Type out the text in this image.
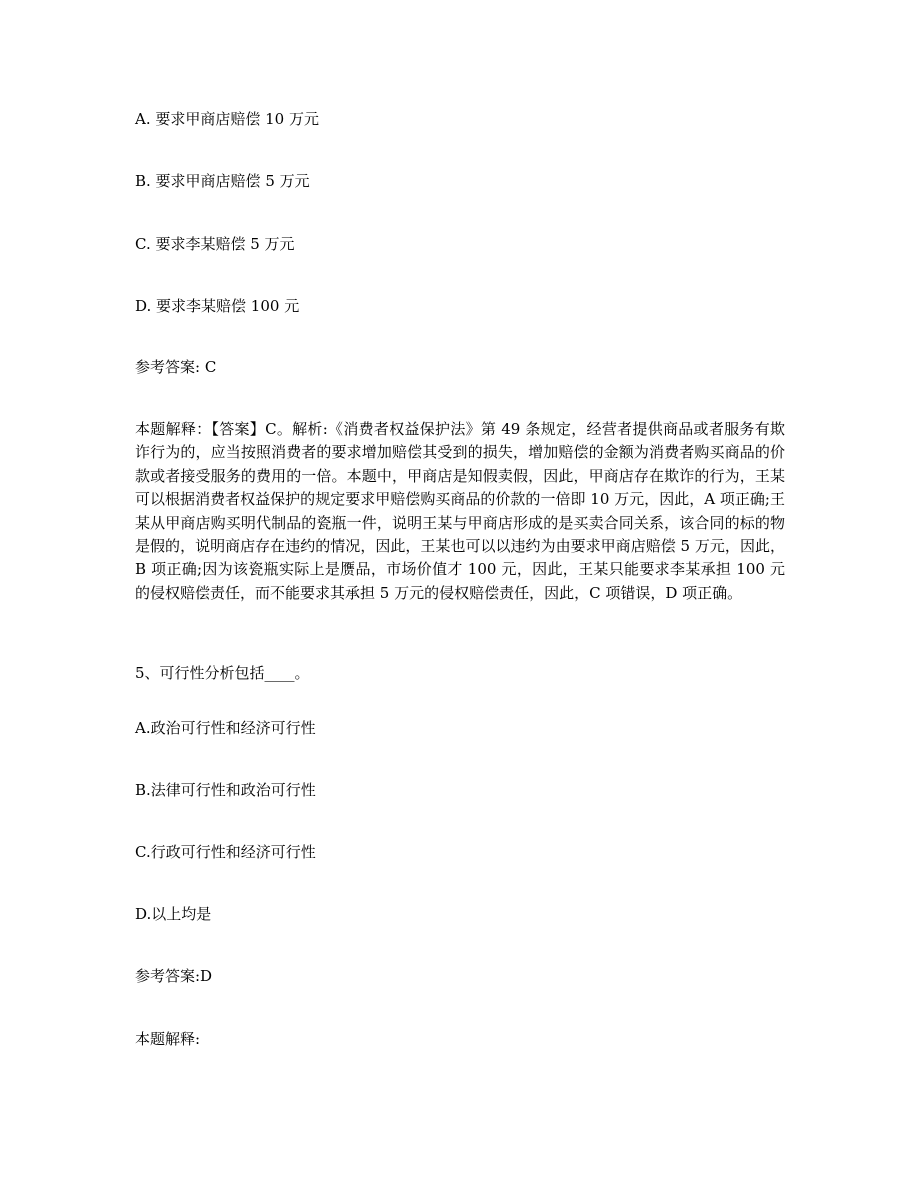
A. 要求甲商店赔偿 10 万元
B. 要求甲商店赔偿 5 万元
C. 要求李某赔偿 5 万元
D. 要求李某赔偿 100 元
参考答案: C
本题解释：【答案】C。解析:《消费者权益保护法》第 49 条规定，经营者提供商品或者服务有欺诈行为的，应当按照消费者的要求增加赔偿其受到的损失，增加赔偿的金额为消费者购买商品的价款或者接受服务的费用的一倍。本题中，甲商店是知假卖假，因此，甲商店存在欺诈的行为，王某可以根据消费者权益保护的规定要求甲赔偿购买商品的价款的一倍即 10 万元，因此，A 项正确;王某从甲商店购买明代制品的瓷瓶一件，说明王某与甲商店形成的是买卖合同关系，该合同的标的物是假的，说明商店存在违约的情况，因此，王某也可以以违约为由要求甲商店赔偿 5 万元，因此，B 项正确;因为该瓷瓶实际上是赝品，市场价值才 100 元，因此，王某只能要求李某承担 100 元的侵权赔偿责任，而不能要求其承担 5 万元的侵权赔偿责任，因此，C 项错误，D 项正确。
5、可行性分析包括____。
A.政治可行性和经济可行性
B.法律可行性和政治可行性
C.行政可行性和经济可行性
D.以上均是
参考答案:D
本题解释:
